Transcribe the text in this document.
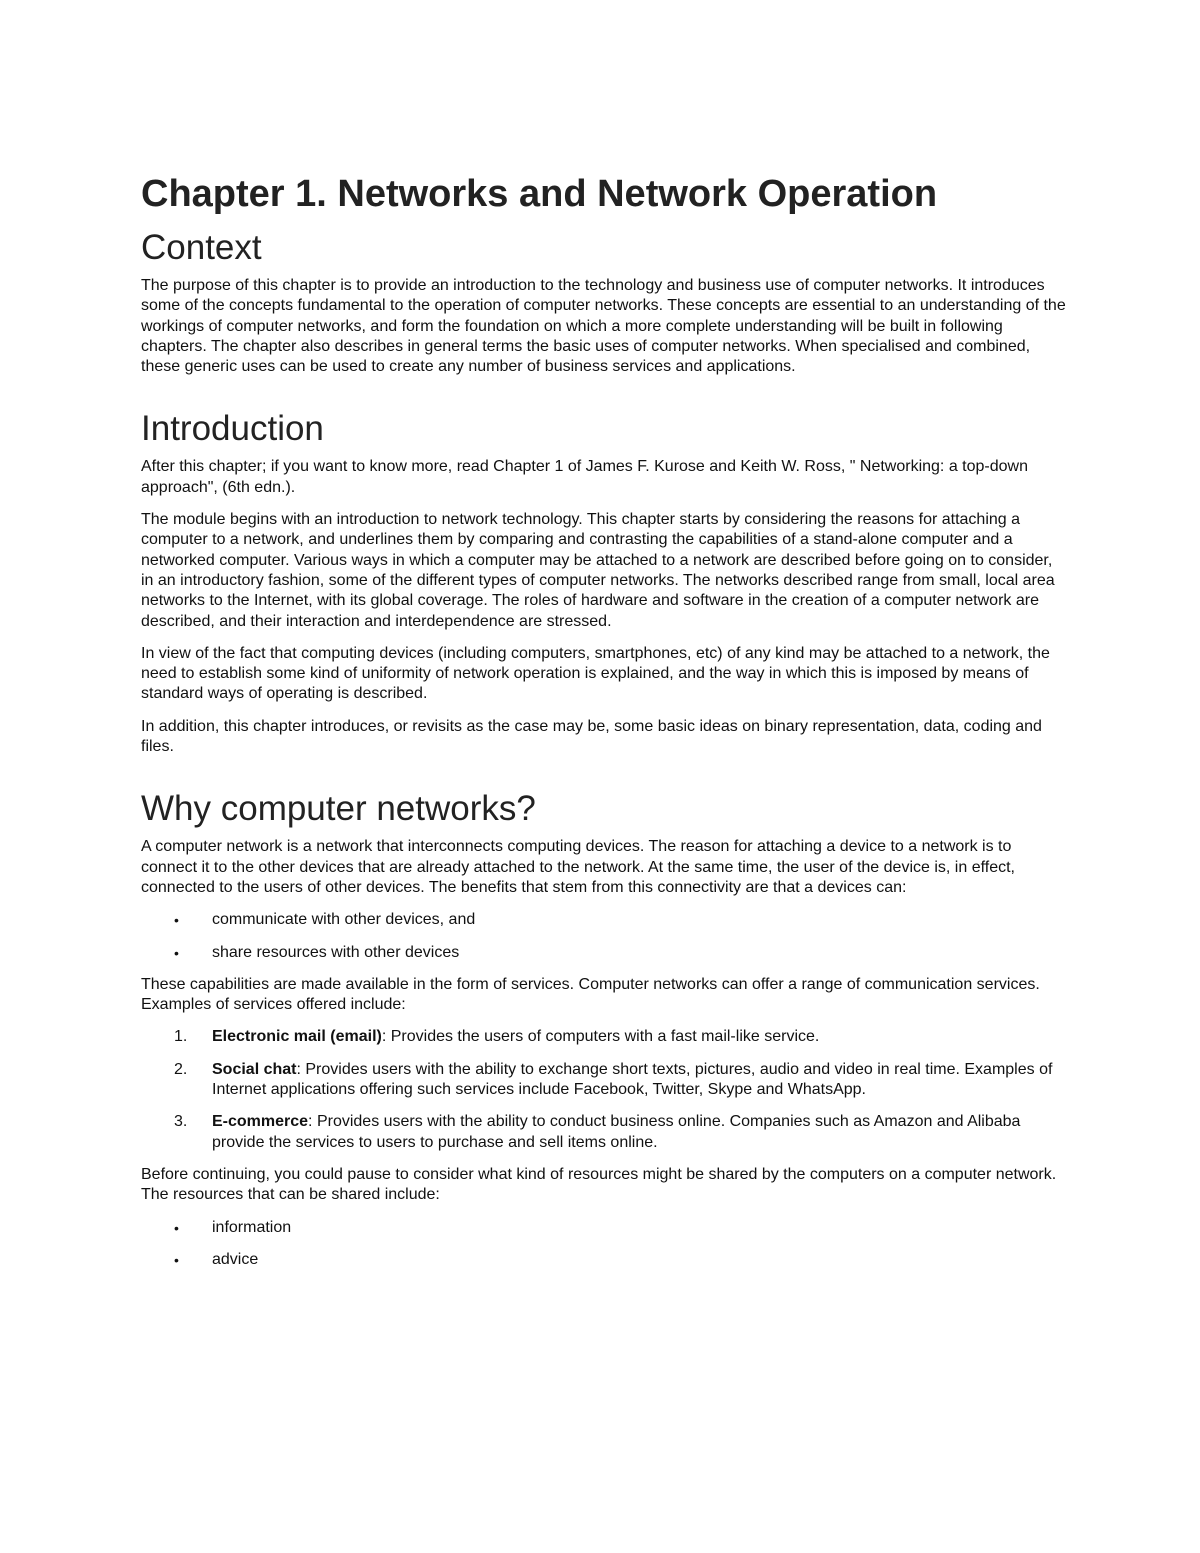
Chapter 1. Networks and Network Operation
Context

The purpose of this chapter is to provide an introduction to the technology and business use of computer networks. It introduces some of the concepts fundamental to the operation of computer networks. These concepts are essential to an understanding of the workings of computer networks, and form the foundation on which a more complete understanding will be built in following chapters. The chapter also describes in general terms the basic uses of computer networks. When specialised and combined, these generic uses can be used to create any number of business services and applications.

Introduction

After this chapter; if you want to know more, read Chapter 1 of James F. Kurose and Keith W. Ross, " Networking: a top-down approach", (6th edn.).

The module begins with an introduction to network technology. This chapter starts by considering the reasons for attaching a computer to a network, and underlines them by comparing and contrasting the capabilities of a stand-alone computer and a networked computer. Various ways in which a computer may be attached to a network are described before going on to consider, in an introductory fashion, some of the different types of computer networks. The networks described range from small, local area networks to the Internet, with its global coverage. The roles of hardware and software in the creation of a computer network are described, and their interaction and interdependence are stressed.

In view of the fact that computing devices (including computers, smartphones, etc) of any kind may be attached to a network, the need to establish some kind of uniformity of network operation is explained, and the way in which this is imposed by means of standard ways of operating is described.

In addition, this chapter introduces, or revisits as the case may be, some basic ideas on binary representation, data, coding and files.

Why computer networks?

A computer network is a network that interconnects computing devices. The reason for attaching a device to a network is to connect it to the other devices that are already attached to the network. At the same time, the user of the device is, in effect, connected to the users of other devices. The benefits that stem from this connectivity are that a devices can:

• communicate with other devices, and
• share resources with other devices

These capabilities are made available in the form of services. Computer networks can offer a range of communication services. Examples of services offered include:

1. Electronic mail (email): Provides the users of computers with a fast mail-like service.
2. Social chat: Provides users with the ability to exchange short texts, pictures, audio and video in real time. Examples of Internet applications offering such services include Facebook, Twitter, Skype and WhatsApp.
3. E-commerce: Provides users with the ability to conduct business online. Companies such as Amazon and Alibaba provide the services to users to purchase and sell items online.

Before continuing, you could pause to consider what kind of resources might be shared by the computers on a computer network. The resources that can be shared include:

• information
• advice
